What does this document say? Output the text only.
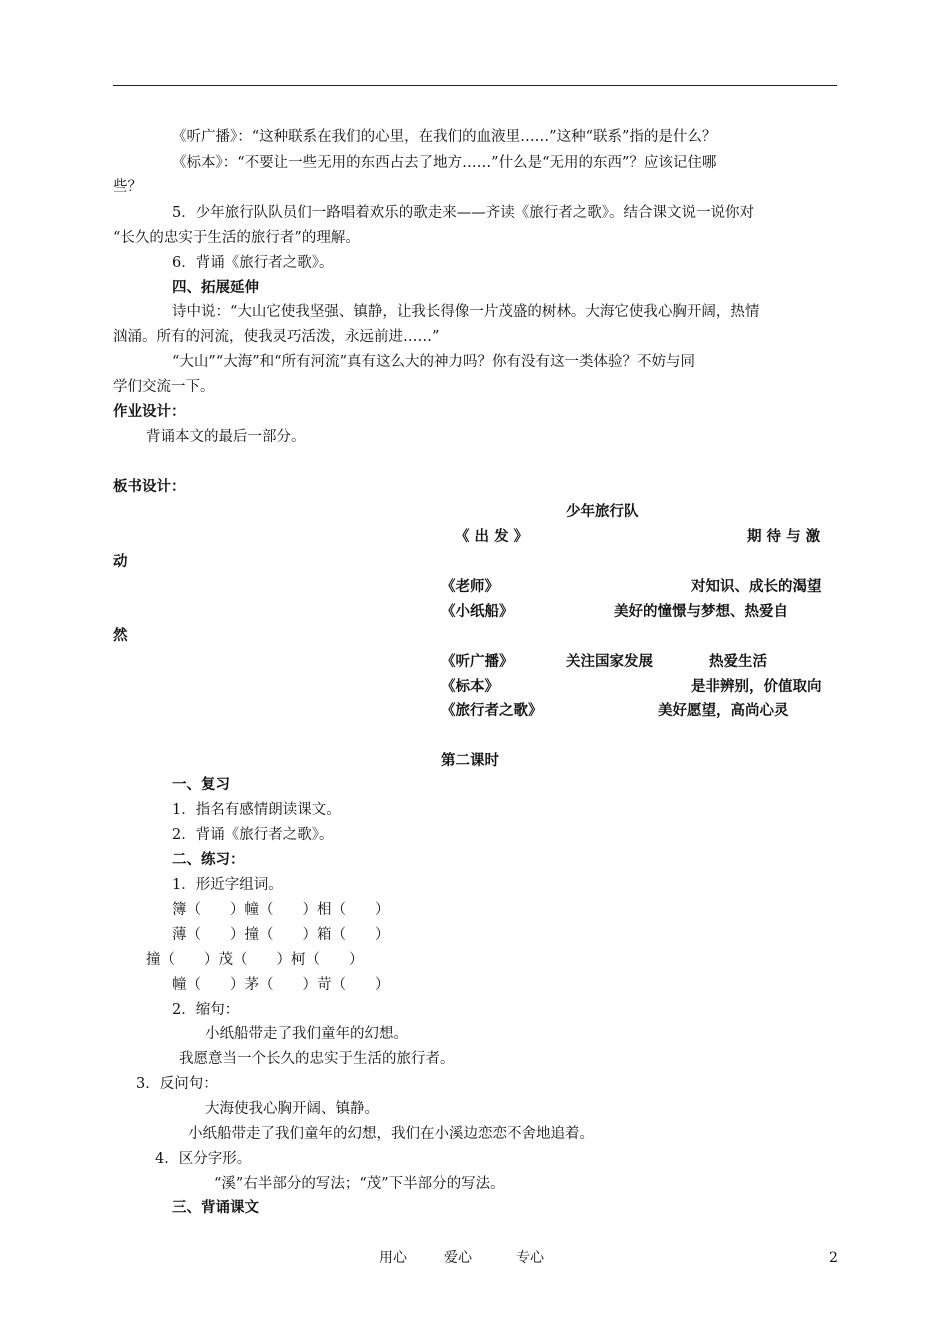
《听广播》：“这种联系在我们的心里，在我们的血液里……”这种“联系”指的是什么？
《标本》：“不要让一些无用的东西占去了地方……”什么是“无用的东西”？应该记住哪
些？
5．少年旅行队队员们一路唱着欢乐的歌走来——齐读《旅行者之歌》。结合课文说一说你对
“长久的忠实于生活的旅行者”的理解。
6．背诵《旅行者之歌》。
四、拓展延伸
诗中说：“大山它使我坚强、镇静，让我长得像一片茂盛的树林。大海它使我心胸开阔，热情
汹涌。所有的河流，使我灵巧活泼，永远前进……”
“大山”“大海”和“所有河流”真有这么大的神力吗？你有没有这一类体验？不妨与同
学们交流一下。
作业设计：
背诵本文的最后一部分。
板书设计：
少年旅行队
《 出 发 》	期 待 与 激
动
《老师》	对知识、成长的渴望
《小纸船》	美好的憧憬与梦想、热爱自
然
《听广播》	关注国家发展	热爱生活
《标本》	是非辨别，价值取向
《旅行者之歌》	美好愿望，高尚心灵
第二课时
一、复习
1．指名有感情朗读课文。
2．背诵《旅行者之歌》。
二、练习：
1．形近字组词。
簿（　　）幢（　　）相（　　）
薄（　　）撞（　　）箱（　　）
撞（　　）茂（　　）柯（　　）
幢（　　）茅（　　）苛（　　）
2．缩句：
小纸船带走了我们童年的幻想。
我愿意当一个长久的忠实于生活的旅行者。
3．反问句：
大海使我心胸开阔、镇静。
小纸船带走了我们童年的幻想，我们在小溪边恋恋不舍地追着。
4．区分字形。
“溪”右半部分的写法；“茂”下半部分的写法。
三、背诵课文
用心	爱心	专心	2
